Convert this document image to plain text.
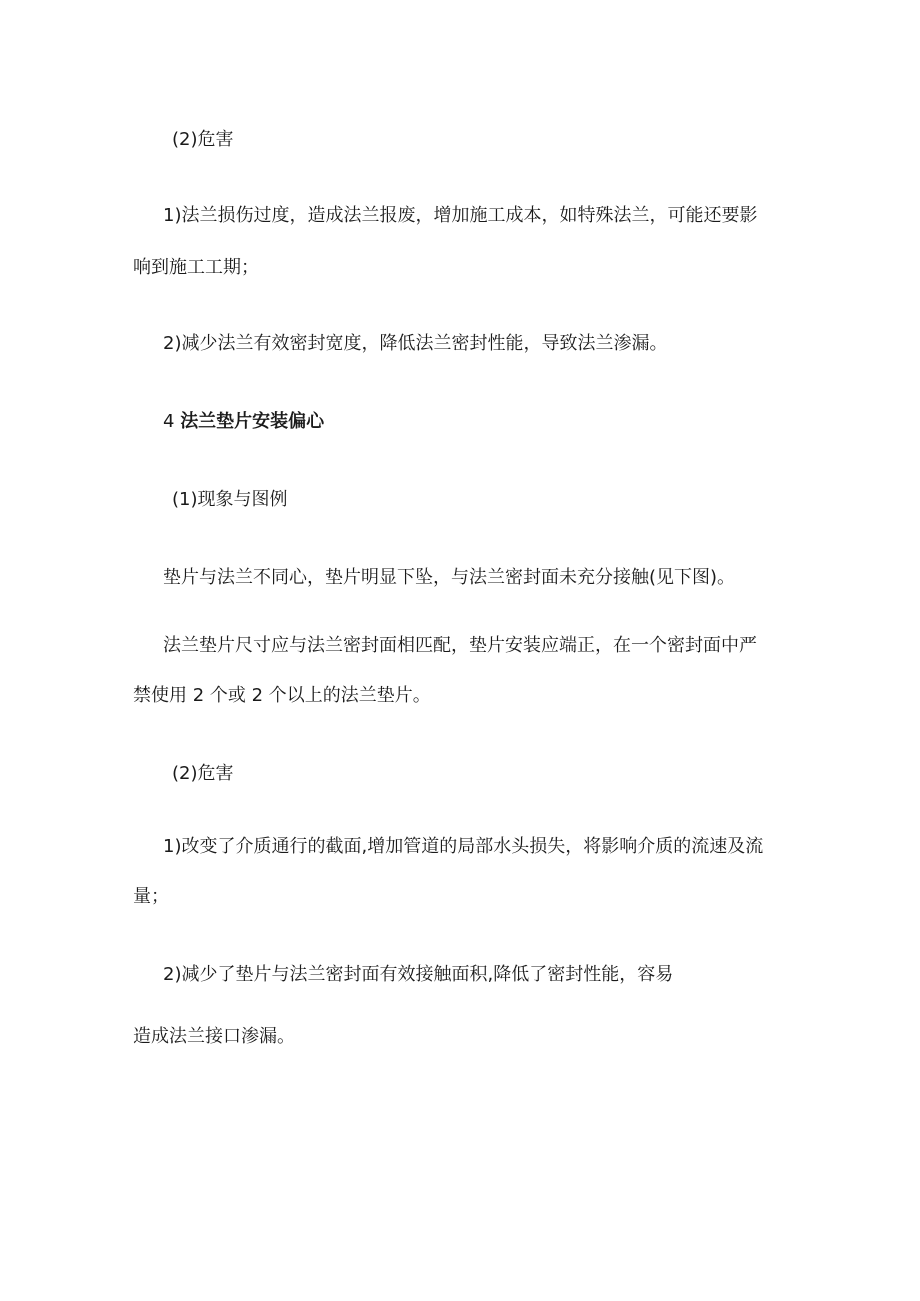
(2)危害

1)法兰损伤过度，造成法兰报废，增加施工成本，如特殊法兰，可能还要影

响到施工工期；

2)减少法兰有效密封宽度，降低法兰密封性能，导致法兰渗漏。

4 法兰垫片安装偏心

(1)现象与图例

垫片与法兰不同心，垫片明显下坠，与法兰密封面未充分接触(见下图)。

法兰垫片尺寸应与法兰密封面相匹配，垫片安装应端正，在一个密封面中严

禁使用 2 个或 2 个以上的法兰垫片。

(2)危害

1)改变了介质通行的截面,增加管道的局部水头损失，将影响介质的流速及流

量；

2)减少了垫片与法兰密封面有效接触面积,降低了密封性能，容易

造成法兰接口渗漏。
